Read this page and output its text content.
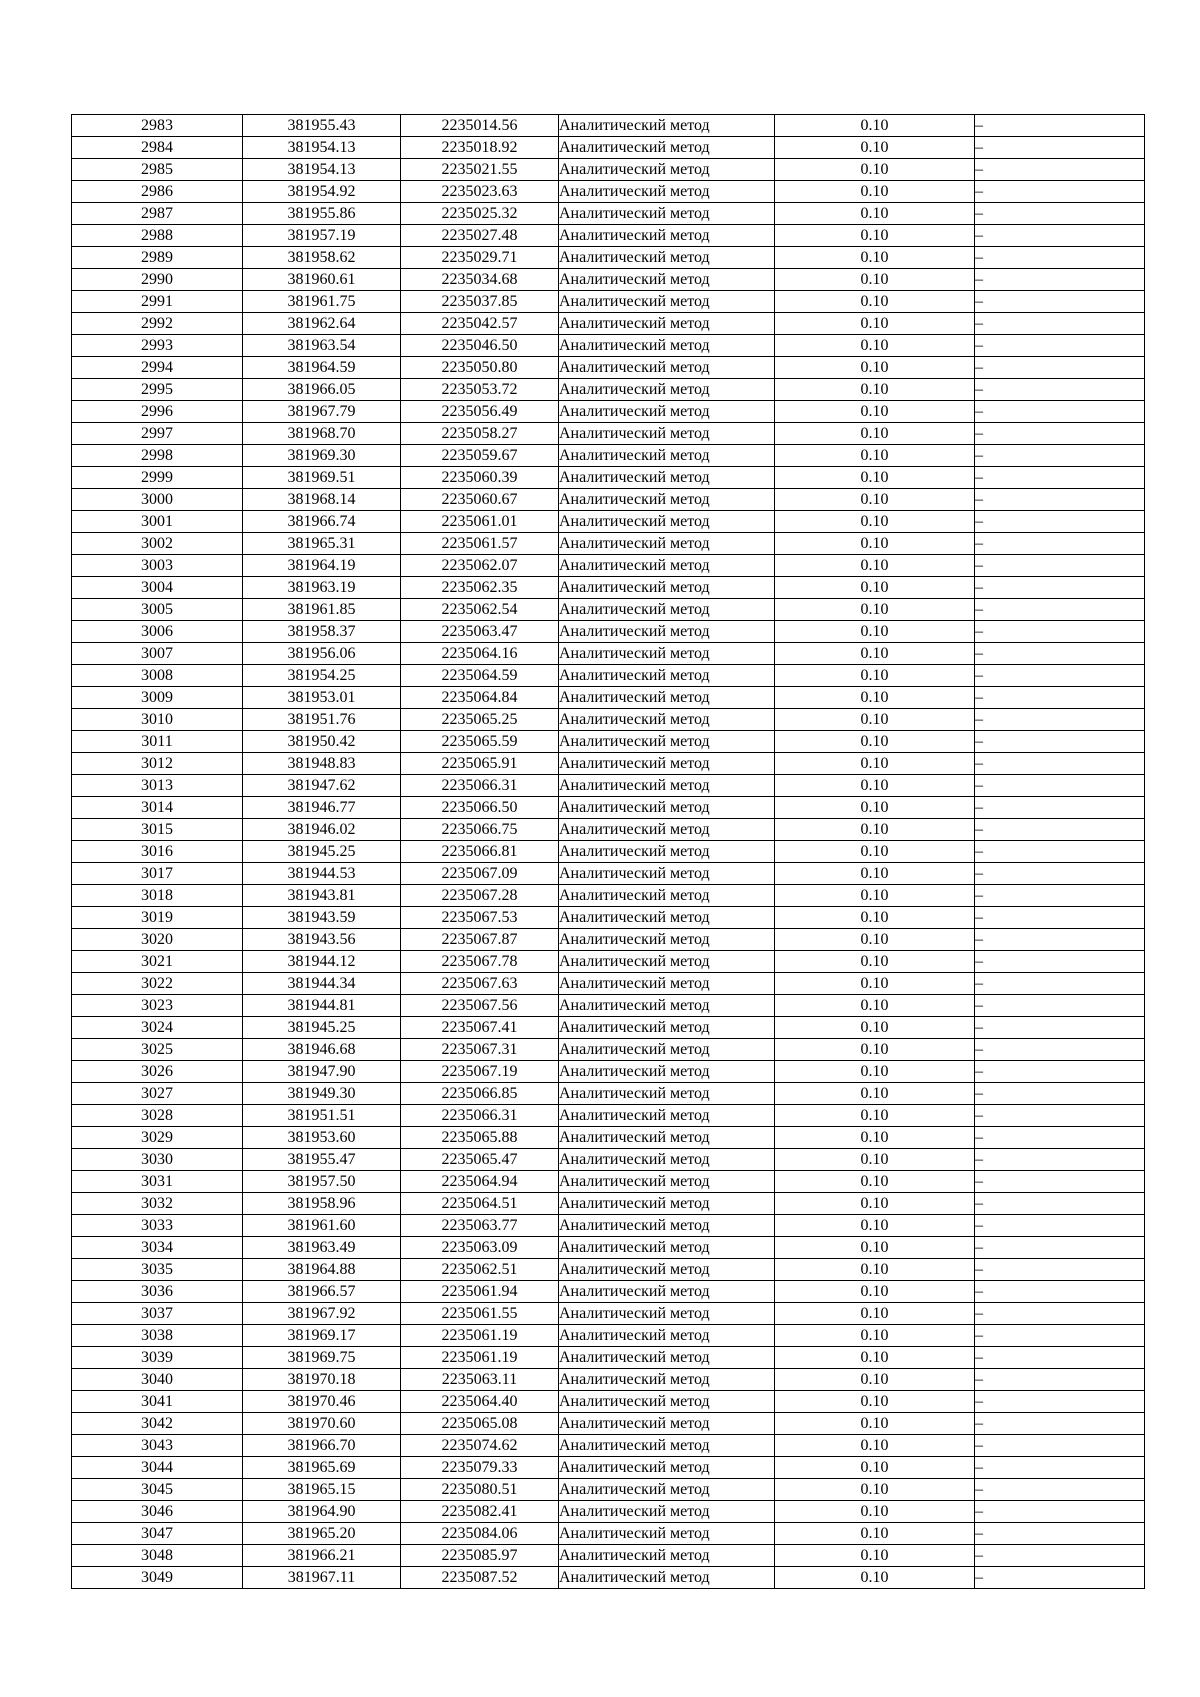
2983	381955.43	2235014.56	Аналитический метод	0.10	–
2984	381954.13	2235018.92	Аналитический метод	0.10	–
2985	381954.13	2235021.55	Аналитический метод	0.10	–
2986	381954.92	2235023.63	Аналитический метод	0.10	–
2987	381955.86	2235025.32	Аналитический метод	0.10	–
2988	381957.19	2235027.48	Аналитический метод	0.10	–
2989	381958.62	2235029.71	Аналитический метод	0.10	–
2990	381960.61	2235034.68	Аналитический метод	0.10	–
2991	381961.75	2235037.85	Аналитический метод	0.10	–
2992	381962.64	2235042.57	Аналитический метод	0.10	–
2993	381963.54	2235046.50	Аналитический метод	0.10	–
2994	381964.59	2235050.80	Аналитический метод	0.10	–
2995	381966.05	2235053.72	Аналитический метод	0.10	–
2996	381967.79	2235056.49	Аналитический метод	0.10	–
2997	381968.70	2235058.27	Аналитический метод	0.10	–
2998	381969.30	2235059.67	Аналитический метод	0.10	–
2999	381969.51	2235060.39	Аналитический метод	0.10	–
3000	381968.14	2235060.67	Аналитический метод	0.10	–
3001	381966.74	2235061.01	Аналитический метод	0.10	–
3002	381965.31	2235061.57	Аналитический метод	0.10	–
3003	381964.19	2235062.07	Аналитический метод	0.10	–
3004	381963.19	2235062.35	Аналитический метод	0.10	–
3005	381961.85	2235062.54	Аналитический метод	0.10	–
3006	381958.37	2235063.47	Аналитический метод	0.10	–
3007	381956.06	2235064.16	Аналитический метод	0.10	–
3008	381954.25	2235064.59	Аналитический метод	0.10	–
3009	381953.01	2235064.84	Аналитический метод	0.10	–
3010	381951.76	2235065.25	Аналитический метод	0.10	–
3011	381950.42	2235065.59	Аналитический метод	0.10	–
3012	381948.83	2235065.91	Аналитический метод	0.10	–
3013	381947.62	2235066.31	Аналитический метод	0.10	–
3014	381946.77	2235066.50	Аналитический метод	0.10	–
3015	381946.02	2235066.75	Аналитический метод	0.10	–
3016	381945.25	2235066.81	Аналитический метод	0.10	–
3017	381944.53	2235067.09	Аналитический метод	0.10	–
3018	381943.81	2235067.28	Аналитический метод	0.10	–
3019	381943.59	2235067.53	Аналитический метод	0.10	–
3020	381943.56	2235067.87	Аналитический метод	0.10	–
3021	381944.12	2235067.78	Аналитический метод	0.10	–
3022	381944.34	2235067.63	Аналитический метод	0.10	–
3023	381944.81	2235067.56	Аналитический метод	0.10	–
3024	381945.25	2235067.41	Аналитический метод	0.10	–
3025	381946.68	2235067.31	Аналитический метод	0.10	–
3026	381947.90	2235067.19	Аналитический метод	0.10	–
3027	381949.30	2235066.85	Аналитический метод	0.10	–
3028	381951.51	2235066.31	Аналитический метод	0.10	–
3029	381953.60	2235065.88	Аналитический метод	0.10	–
3030	381955.47	2235065.47	Аналитический метод	0.10	–
3031	381957.50	2235064.94	Аналитический метод	0.10	–
3032	381958.96	2235064.51	Аналитический метод	0.10	–
3033	381961.60	2235063.77	Аналитический метод	0.10	–
3034	381963.49	2235063.09	Аналитический метод	0.10	–
3035	381964.88	2235062.51	Аналитический метод	0.10	–
3036	381966.57	2235061.94	Аналитический метод	0.10	–
3037	381967.92	2235061.55	Аналитический метод	0.10	–
3038	381969.17	2235061.19	Аналитический метод	0.10	–
3039	381969.75	2235061.19	Аналитический метод	0.10	–
3040	381970.18	2235063.11	Аналитический метод	0.10	–
3041	381970.46	2235064.40	Аналитический метод	0.10	–
3042	381970.60	2235065.08	Аналитический метод	0.10	–
3043	381966.70	2235074.62	Аналитический метод	0.10	–
3044	381965.69	2235079.33	Аналитический метод	0.10	–
3045	381965.15	2235080.51	Аналитический метод	0.10	–
3046	381964.90	2235082.41	Аналитический метод	0.10	–
3047	381965.20	2235084.06	Аналитический метод	0.10	–
3048	381966.21	2235085.97	Аналитический метод	0.10	–
3049	381967.11	2235087.52	Аналитический метод	0.10	–
